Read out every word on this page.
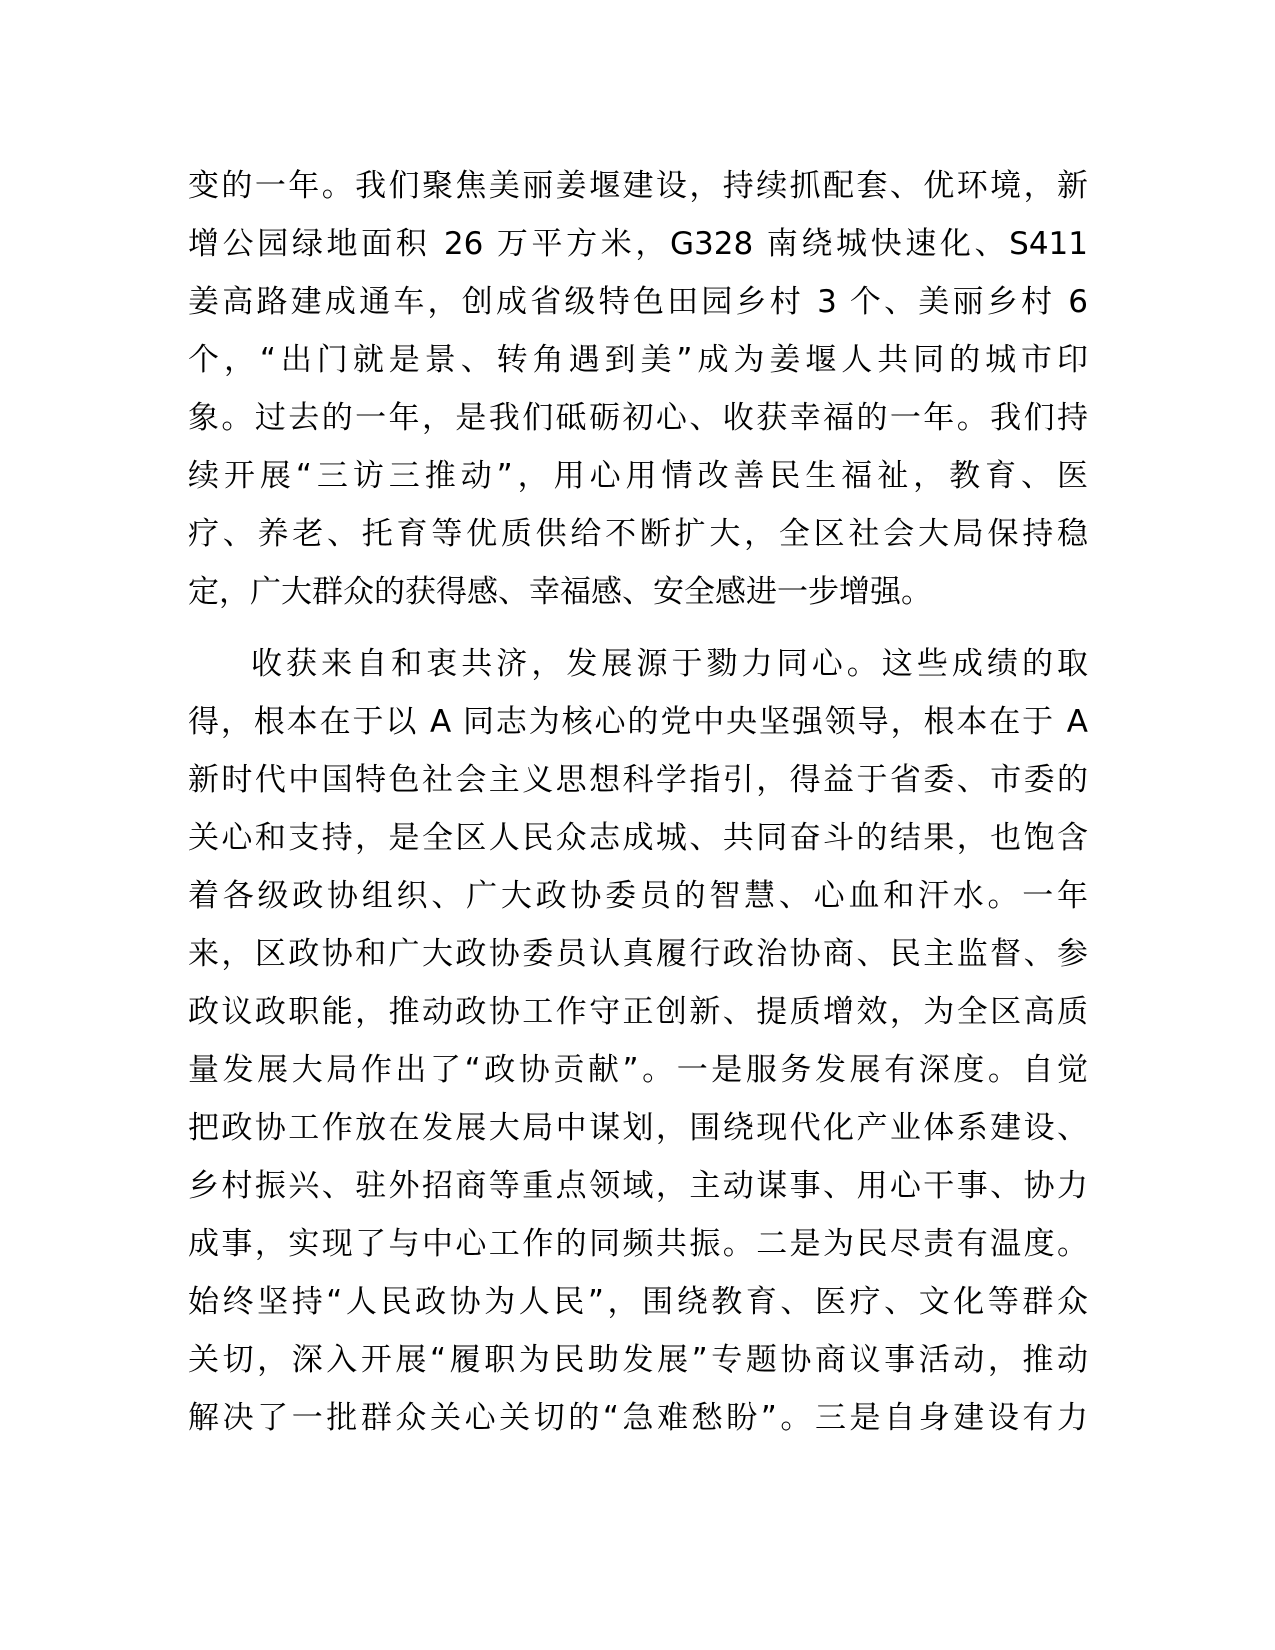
变的一年。我们聚焦美丽姜堰建设，持续抓配套、优环境，新
增公园绿地面积 26 万平方米，G328 南绕城快速化、S411
姜高路建成通车，创成省级特色田园乡村 3 个、美丽乡村 6
个，“出门就是景、转角遇到美”成为姜堰人共同的城市印
象。过去的一年，是我们砥砺初心、收获幸福的一年。我们持
续开展“三访三推动”，用心用情改善民生福祉，教育、医
疗、养老、托育等优质供给不断扩大，全区社会大局保持稳
定，广大群众的获得感、幸福感、安全感进一步增强。
收获来自和衷共济，发展源于勠力同心。这些成绩的取
得，根本在于以 A 同志为核心的党中央坚强领导，根本在于 A
新时代中国特色社会主义思想科学指引，得益于省委、市委的
关心和支持，是全区人民众志成城、共同奋斗的结果，也饱含
着各级政协组织、广大政协委员的智慧、心血和汗水。一年
来，区政协和广大政协委员认真履行政治协商、民主监督、参
政议政职能，推动政协工作守正创新、提质增效，为全区高质
量发展大局作出了“政协贡献”。一是服务发展有深度。自觉
把政协工作放在发展大局中谋划，围绕现代化产业体系建设、
乡村振兴、驻外招商等重点领域，主动谋事、用心干事、协力
成事，实现了与中心工作的同频共振。二是为民尽责有温度。
始终坚持“人民政协为人民”，围绕教育、医疗、文化等群众
关切，深入开展“履职为民助发展”专题协商议事活动，推动
解决了一批群众关心关切的“急难愁盼”。三是自身建设有力
